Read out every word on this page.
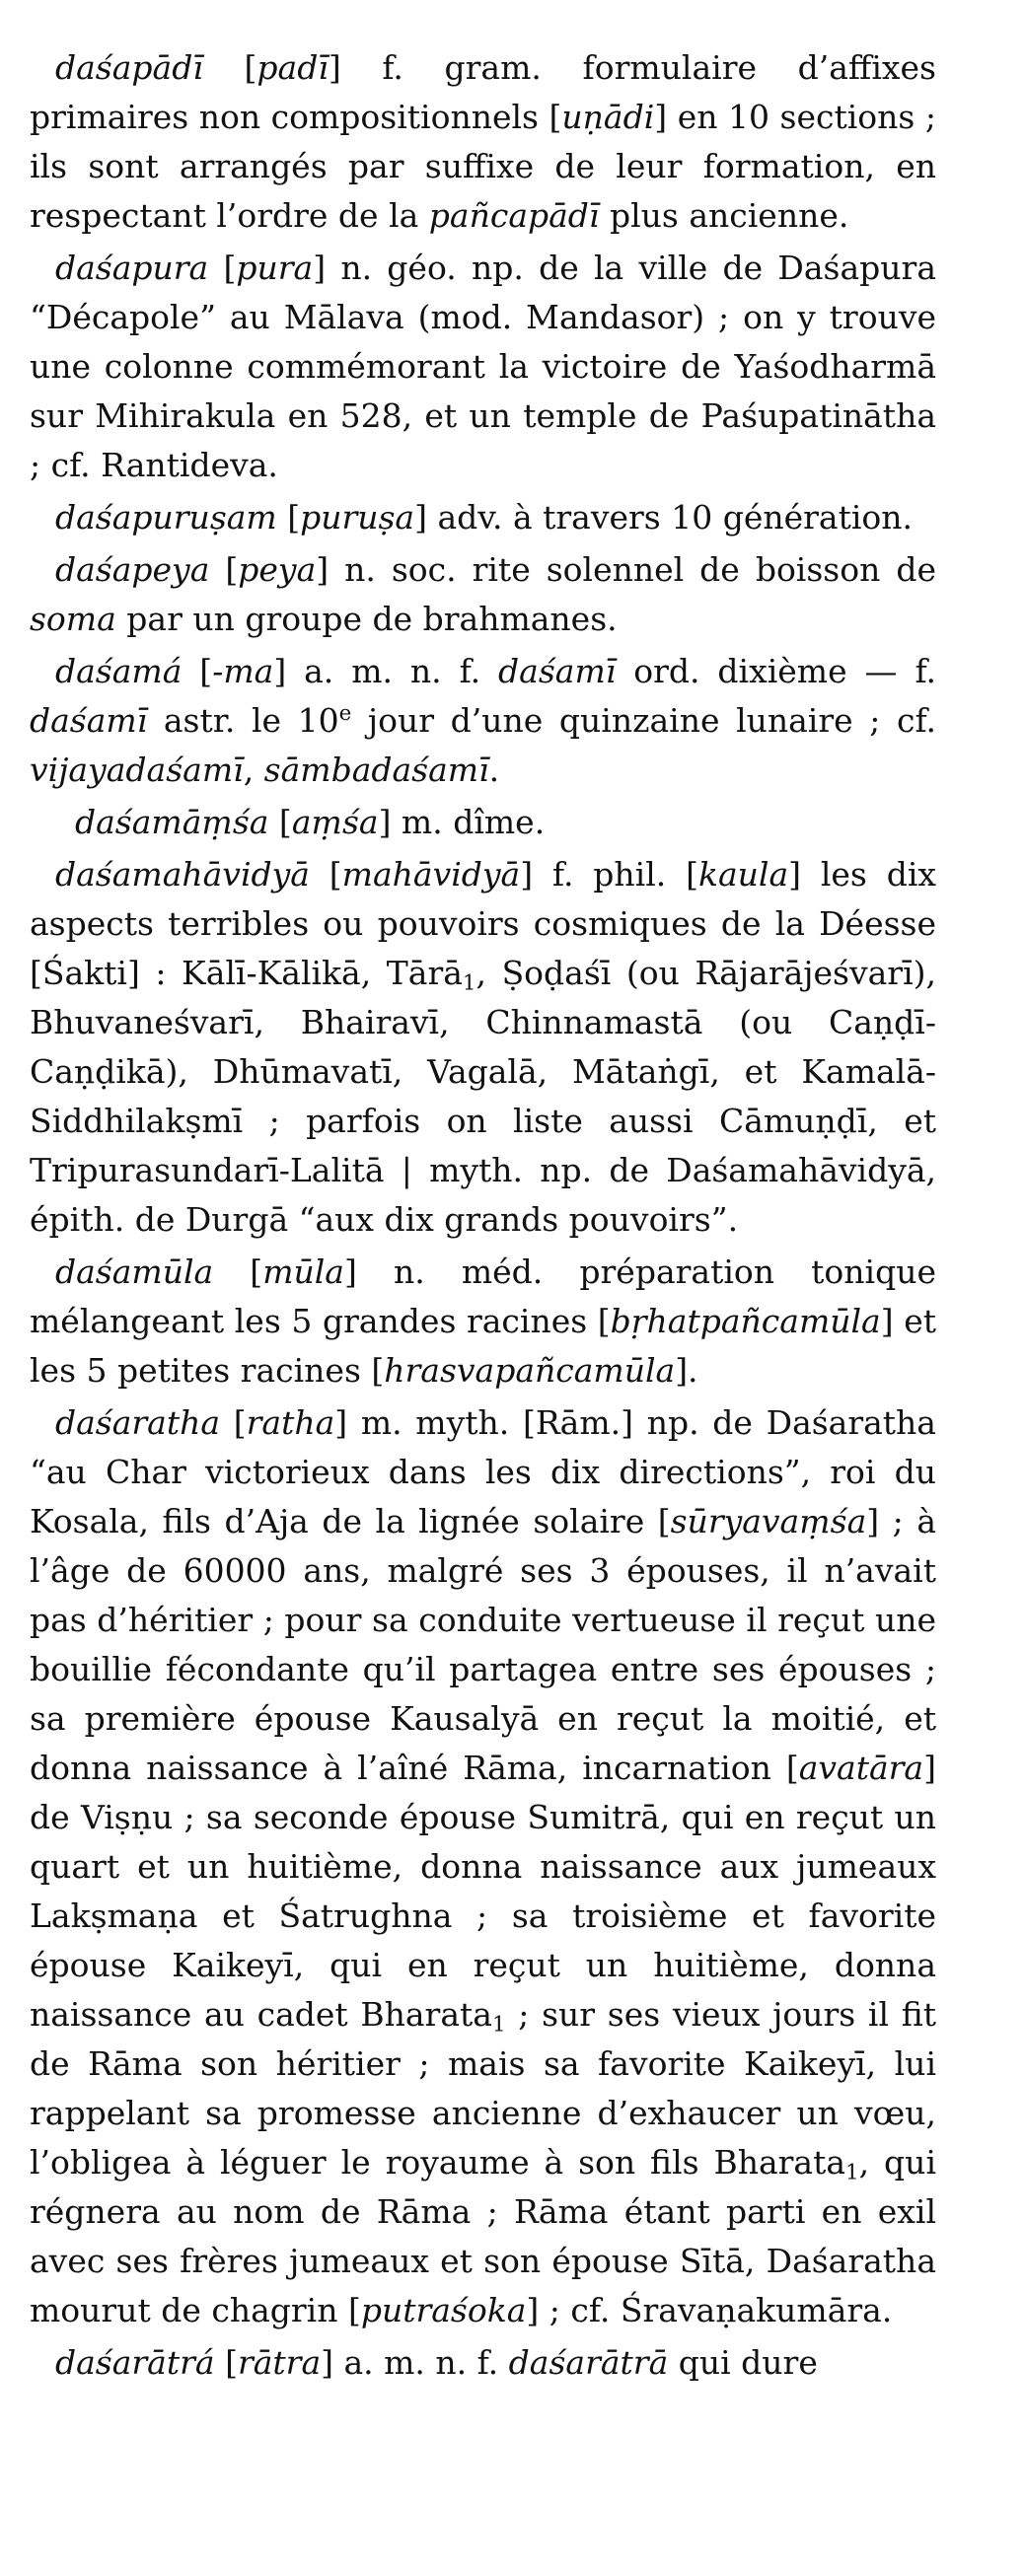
daśapādī [padī] f. gram. formulaire d’affixes primaires non compositionnels [uṇādi] en 10 sections ; ils sont arrangés par suffixe de leur formation, en respectant l’ordre de la pañcapādī plus ancienne.

daśapura [pura] n. géo. np. de la ville de Daśapura “Décapole” au Mālava (mod. Mandasor) ; on y trouve une colonne commémorant la victoire de Yaśodharmā sur Mihirakula en 528, et un temple de Paśupatinātha ; cf. Rantideva.

daśapuruṣam [puruṣa] adv. à travers 10 génération.

daśapeya [peya] n. soc. rite solennel de boisson de soma par un groupe de brahmanes.

daśamá [-ma] a. m. n. f. daśamī ord. dixième — f. daśamī astr. le 10e jour d’une quinzaine lunaire ; cf. vijayadaśamī, sāmbadaśamī.

daśamāṃśa [aṃśa] m. dîme.

daśamahāvidyā [mahāvidyā] f. phil. [kaula] les dix aspects terribles ou pouvoirs cosmiques de la Déesse [Śakti] : Kālī-Kālikā, Tārā$_1$, Ṣoḍaśī (ou Rājarājeśvarī), Bhuvaneśvarī, Bhairavī, Chinnamastā (ou Caṇḍī-Caṇḍikā), Dhūmavatī, Vagalā, Mātaṅgī, et Kamalā-Siddhilakṣmī ; parfois on liste aussi Cāmuṇḍī, et Tripurasundarī-Lalitā | myth. np. de Daśamahāvidyā, épith. de Durgā “aux dix grands pouvoirs”.

daśamūla [mūla] n. méd. préparation tonique mélangeant les 5 grandes racines [bṛhatpañcamūla] et les 5 petites racines [hrasvapañcamūla].

daśaratha [ratha] m. myth. [Rām.] np. de Daśaratha “au Char victorieux dans les dix directions”, roi du Kosala, fils d’Aja de la lignée solaire [sūryavaṃśa] ; à l’âge de 60000 ans, malgré ses 3 épouses, il n’avait pas d’héritier ; pour sa conduite vertueuse il reçut une bouillie fécondante qu’il partagea entre ses épouses ; sa première épouse Kausalyā en reçut la moitié, et donna naissance à l’aîné Rāma, incarnation [avatāra] de Viṣṇu ; sa seconde épouse Sumitrā, qui en reçut un quart et un huitième, donna naissance aux jumeaux Lakṣmaṇa et Śatrughna ; sa troisième et favorite épouse Kaikeyī, qui en reçut un huitième, donna naissance au cadet Bharata$_1$ ; sur ses vieux jours il fit de Rāma son héritier ; mais sa favorite Kaikeyī, lui rappelant sa promesse ancienne d’exhaucer un vœu, l’obligea à léguer le royaume à son fils Bharata$_1$, qui régnera au nom de Rāma ; Rāma étant parti en exil avec ses frères jumeaux et son épouse Sītā, Daśaratha mourut de chagrin [putraśoka] ; cf. Śravaṇakumāra.

daśarātrá [rātra] a. m. n. f. daśarātrā qui dure
